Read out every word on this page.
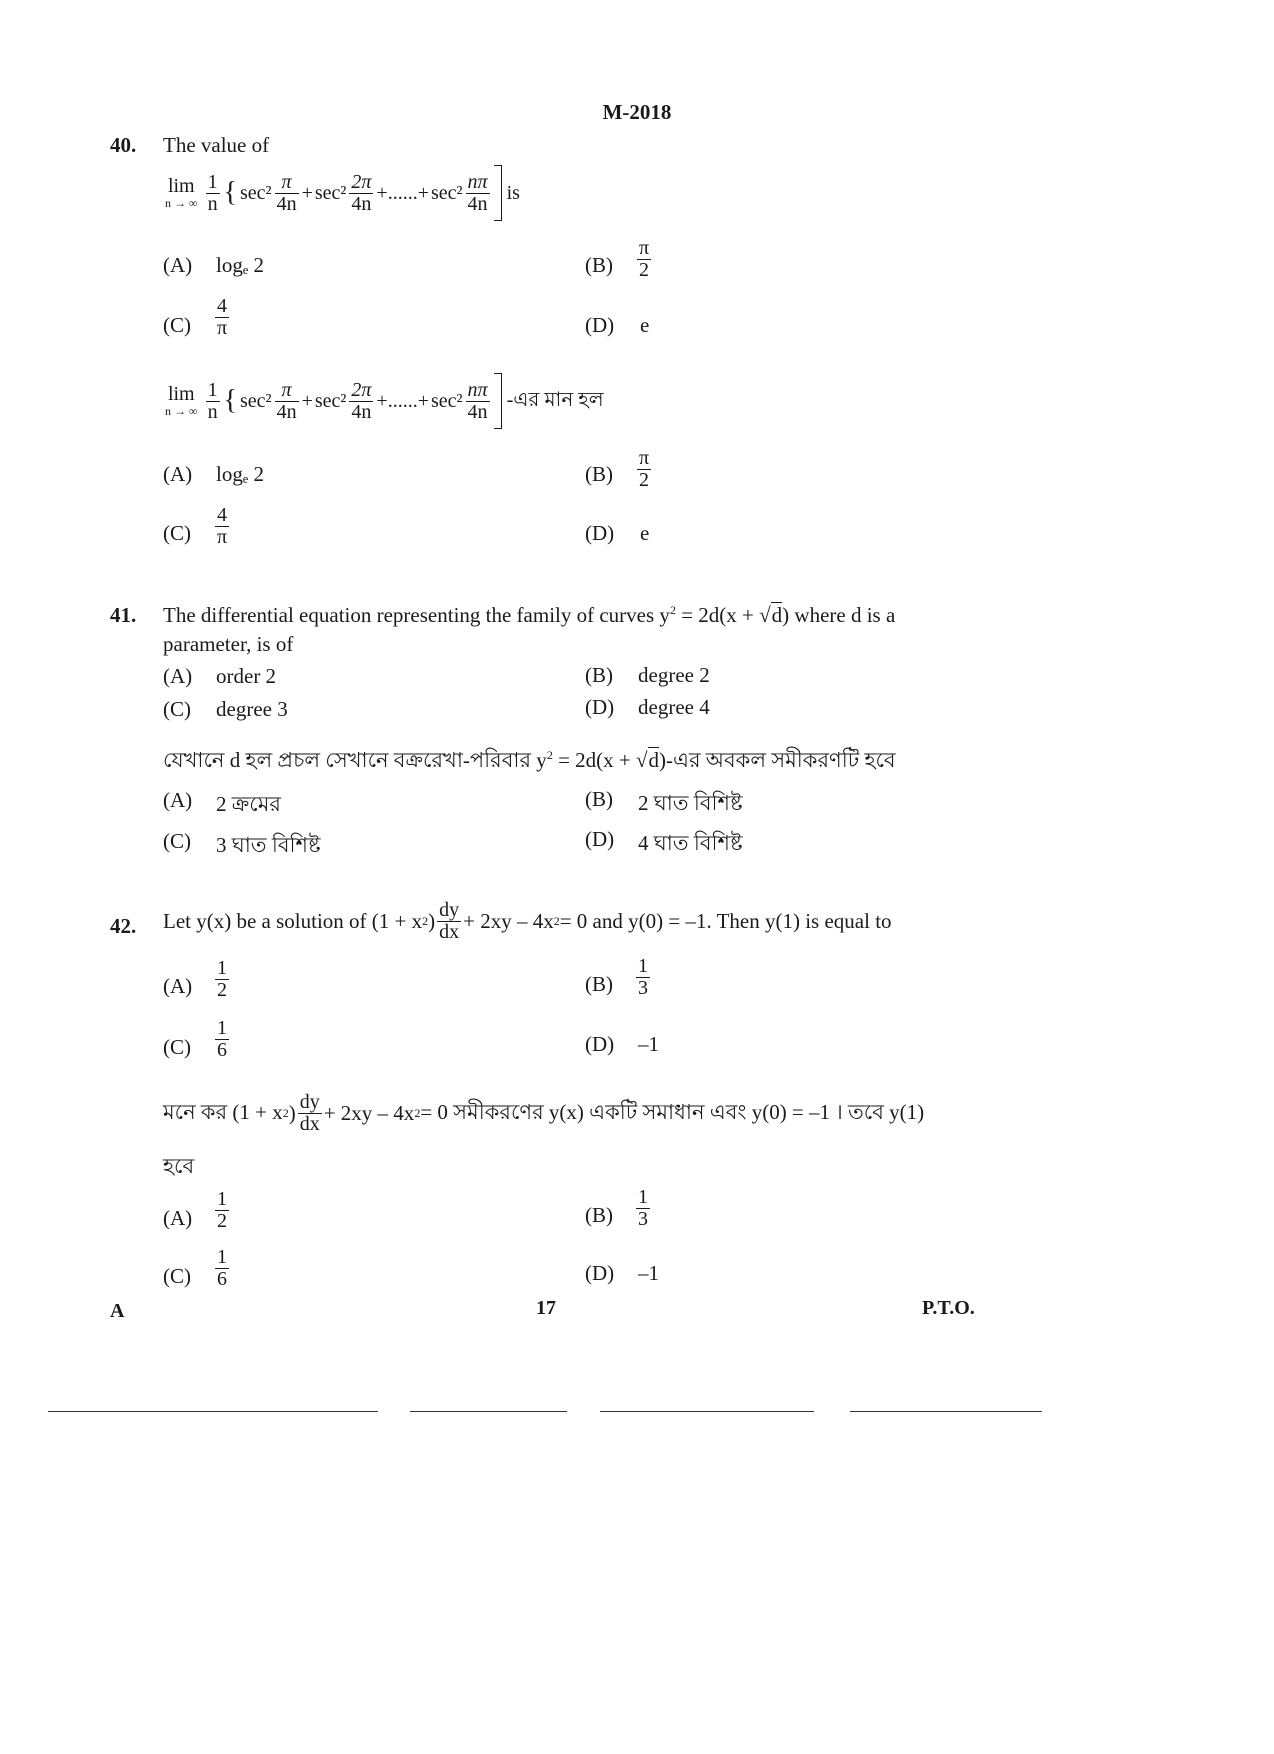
M-2018
40. The value of
lim
n → ∞ $\frac{1}{n}$ { $\sec^2 \frac{\pi}{4n} + \sec^2 \frac{2\pi}{4n}$ +......+ $\sec^2 \frac{n\pi}{4n}$ is
(A) logₑ 2	$(B) \frac{\pi}{2}$
$(C) \frac{4}{\pi}$	(D) e
lim
n → ∞ $\frac{1}{n}$ { $\sec^2 \frac{\pi}{4n} + \sec^2 \frac{2\pi}{4n}$ +......+ $\sec^2 \frac{n\pi}{4n}$ -এর মান হল
(A) logₑ 2	$(B) \frac{\pi}{2}$
$(C) \frac{4}{\pi}$	(D) e
41. The differential equation representing the family of curves $y^2 = 2d(x + √d)$ where d is a
parameter, is of
(A) order 2	(B) degree 2
(C) degree 3	(D) degree 4
যেখানে d হল প্রচল সেখানে বক্ররেখা-পরিবার $y^2 = 2d(x$ + √d)-এর অবকল সমীকরণটি হবে
(A) 2 ক্রমের	(B) 2 ঘাত বিশিষ্ট
(C) 3 ঘাত বিশিষ্ট	(D) 4 ঘাত বিশিষ্ট
42. Let y(x) be a solution of (1 + x 2 ) $\frac{dy}{dx} + 2xy - 4x$ 2 = 0 and y(0) = –1. Then y(1) is equal to
$(A) \frac{1}{2}$	$(B) \frac{1}{3}$
$(C) \frac{1}{6}$	(D) –1
মনে কর (1 + x 2 ) $\frac{dy}{dx} + 2xy - 4x$ 2 = 0 সমীকরণের y(x) একটি সমাধান এবং y(0) = –1 । তবে y(1)
হবে
$(A) \frac{1}{2}$	$(B) \frac{1}{3}$
$(C) \frac{1}{6}$	(D) –1
A	17	P.T.O.
